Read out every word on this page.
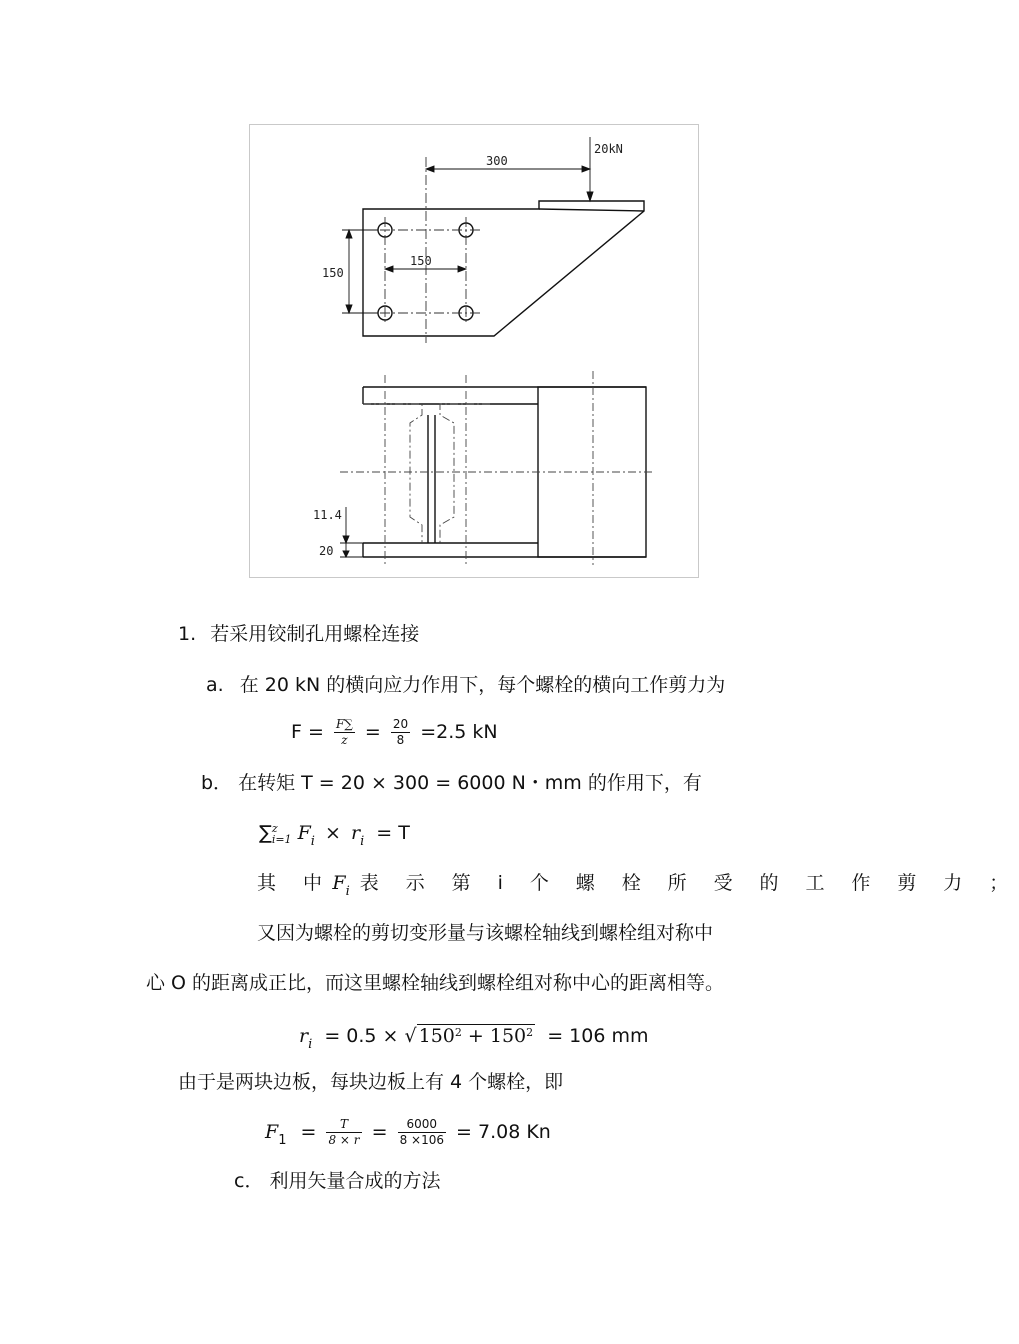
300
20kN
150
150
11.4
20
1. 若采用铰制孔用螺栓连接
a. 在 20 kN 的横向应力作用下，每个螺栓的横向工作剪力为
$F = \frac{F\sum}{z} = \frac{20}{8} =2.5$ kN
b． 在转矩 T = 20 × 300 = 6000 N・mm 的作用下，有
∑ z
i=1 $F_i \times r_i = T$
其 中$F_i$ 表 示 第 i 个 螺 栓 所 受 的 工 作 剪 力 ；
又因为螺栓的剪切变形量与该螺栓轴线到螺栓组对称中
心 O 的距离成正比，而这里螺栓轴线到螺栓组对称中心的距离相等。
$r_i = 0.5$ × √ $150^2 + 150^2 = 106$ mm
由于是两块边板，每块边板上有 4 个螺栓，即
$F_1 = \frac{T}{8 \times r} = \frac{6000}{8 \times 106} = 7.08$ Kn
c． 利用矢量合成的方法
